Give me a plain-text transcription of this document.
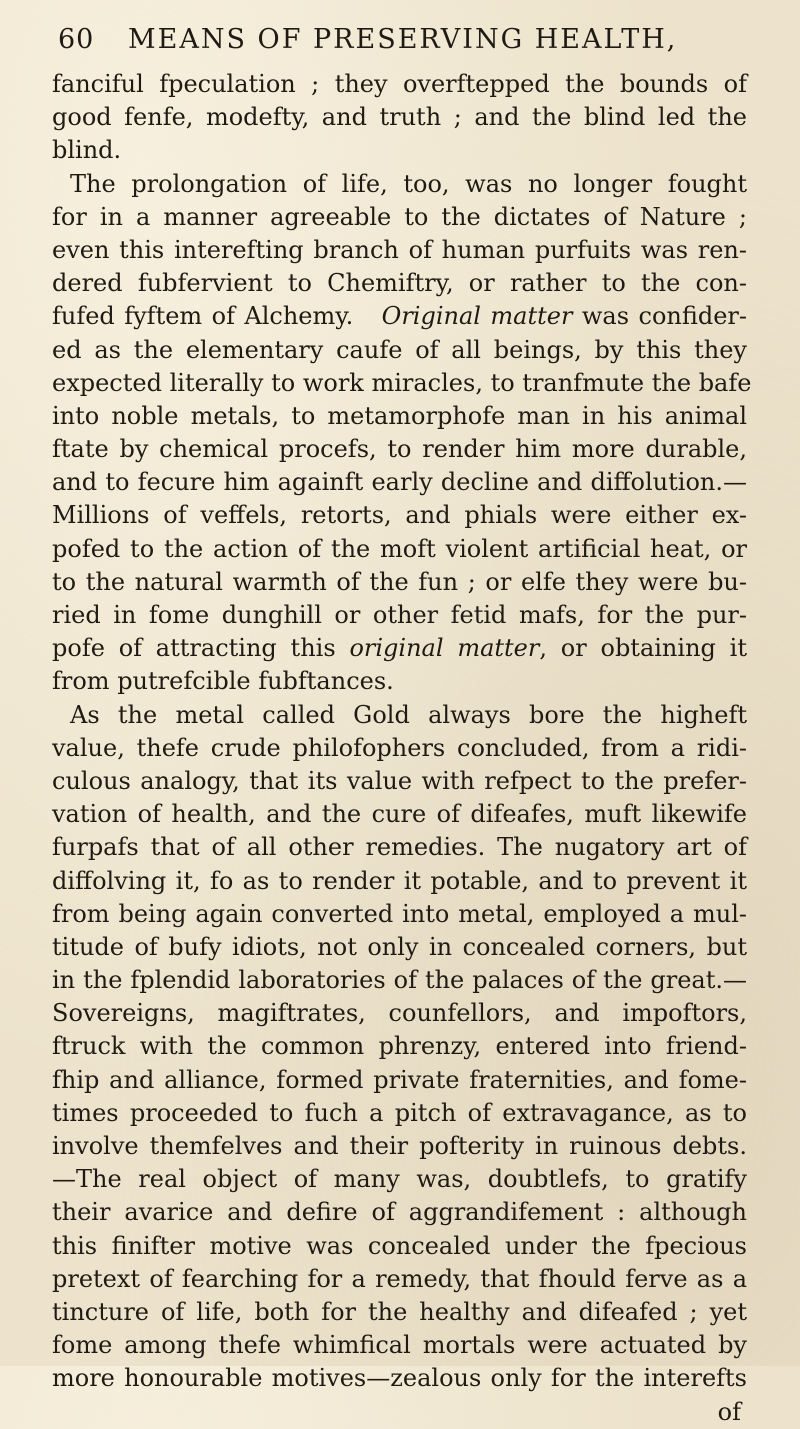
60	MEANS OF PRESERVING HEALTH,
fanciful fpeculation ; they overftepped the bounds of
good fenfe, modefty, and truth ; and the blind led the
blind.
The prolongation of life, too, was no longer fought
for in a manner agreeable to the dictates of Nature ;
even this interefting branch of human purfuits was ren-
dered fubfervient to Chemiftry, or rather to the con-
fufed fyftem of Alchemy. Original matter was confider-
ed as the elementary caufe of all beings, by this they
expected literally to work miracles, to tranfmute the bafe
into noble metals, to metamorphofe man in his animal
ftate by chemical procefs, to render him more durable,
and to fecure him againft early decline and diffolution.—
Millions of veffels, retorts, and phials were either ex-
pofed to the action of the moft violent artificial heat, or
to the natural warmth of the fun ; or elfe they were bu-
ried in fome dunghill or other fetid mafs, for the pur-
pofe of attracting this original matter, or obtaining it
from putrefcible fubftances.
As the metal called Gold always bore the higheft
value, thefe crude philofophers concluded, from a ridi-
culous analogy, that its value with refpect to the prefer-
vation of health, and the cure of difeafes, muft likewife
furpafs that of all other remedies. The nugatory art of
diffolving it, fo as to render it potable, and to prevent it
from being again converted into metal, employed a mul-
titude of bufy idiots, not only in concealed corners, but
in the fplendid laboratories of the palaces of the great.—
Sovereigns, magiftrates, counfellors, and impoftors,
ftruck with the common phrenzy, entered into friend-
fhip and alliance, formed private fraternities, and fome-
times proceeded to fuch a pitch of extravagance, as to
involve themfelves and their pofterity in ruinous debts.
—The real object of many was, doubtlefs, to gratify
their avarice and defire of aggrandifement : although
this finifter motive was concealed under the fpecious
pretext of fearching for a remedy, that fhould ferve as a
tincture of life, both for the healthy and difeafed ; yet
fome among thefe whimfical mortals were actuated by
more honourable motives—zealous only for the interefts
of
